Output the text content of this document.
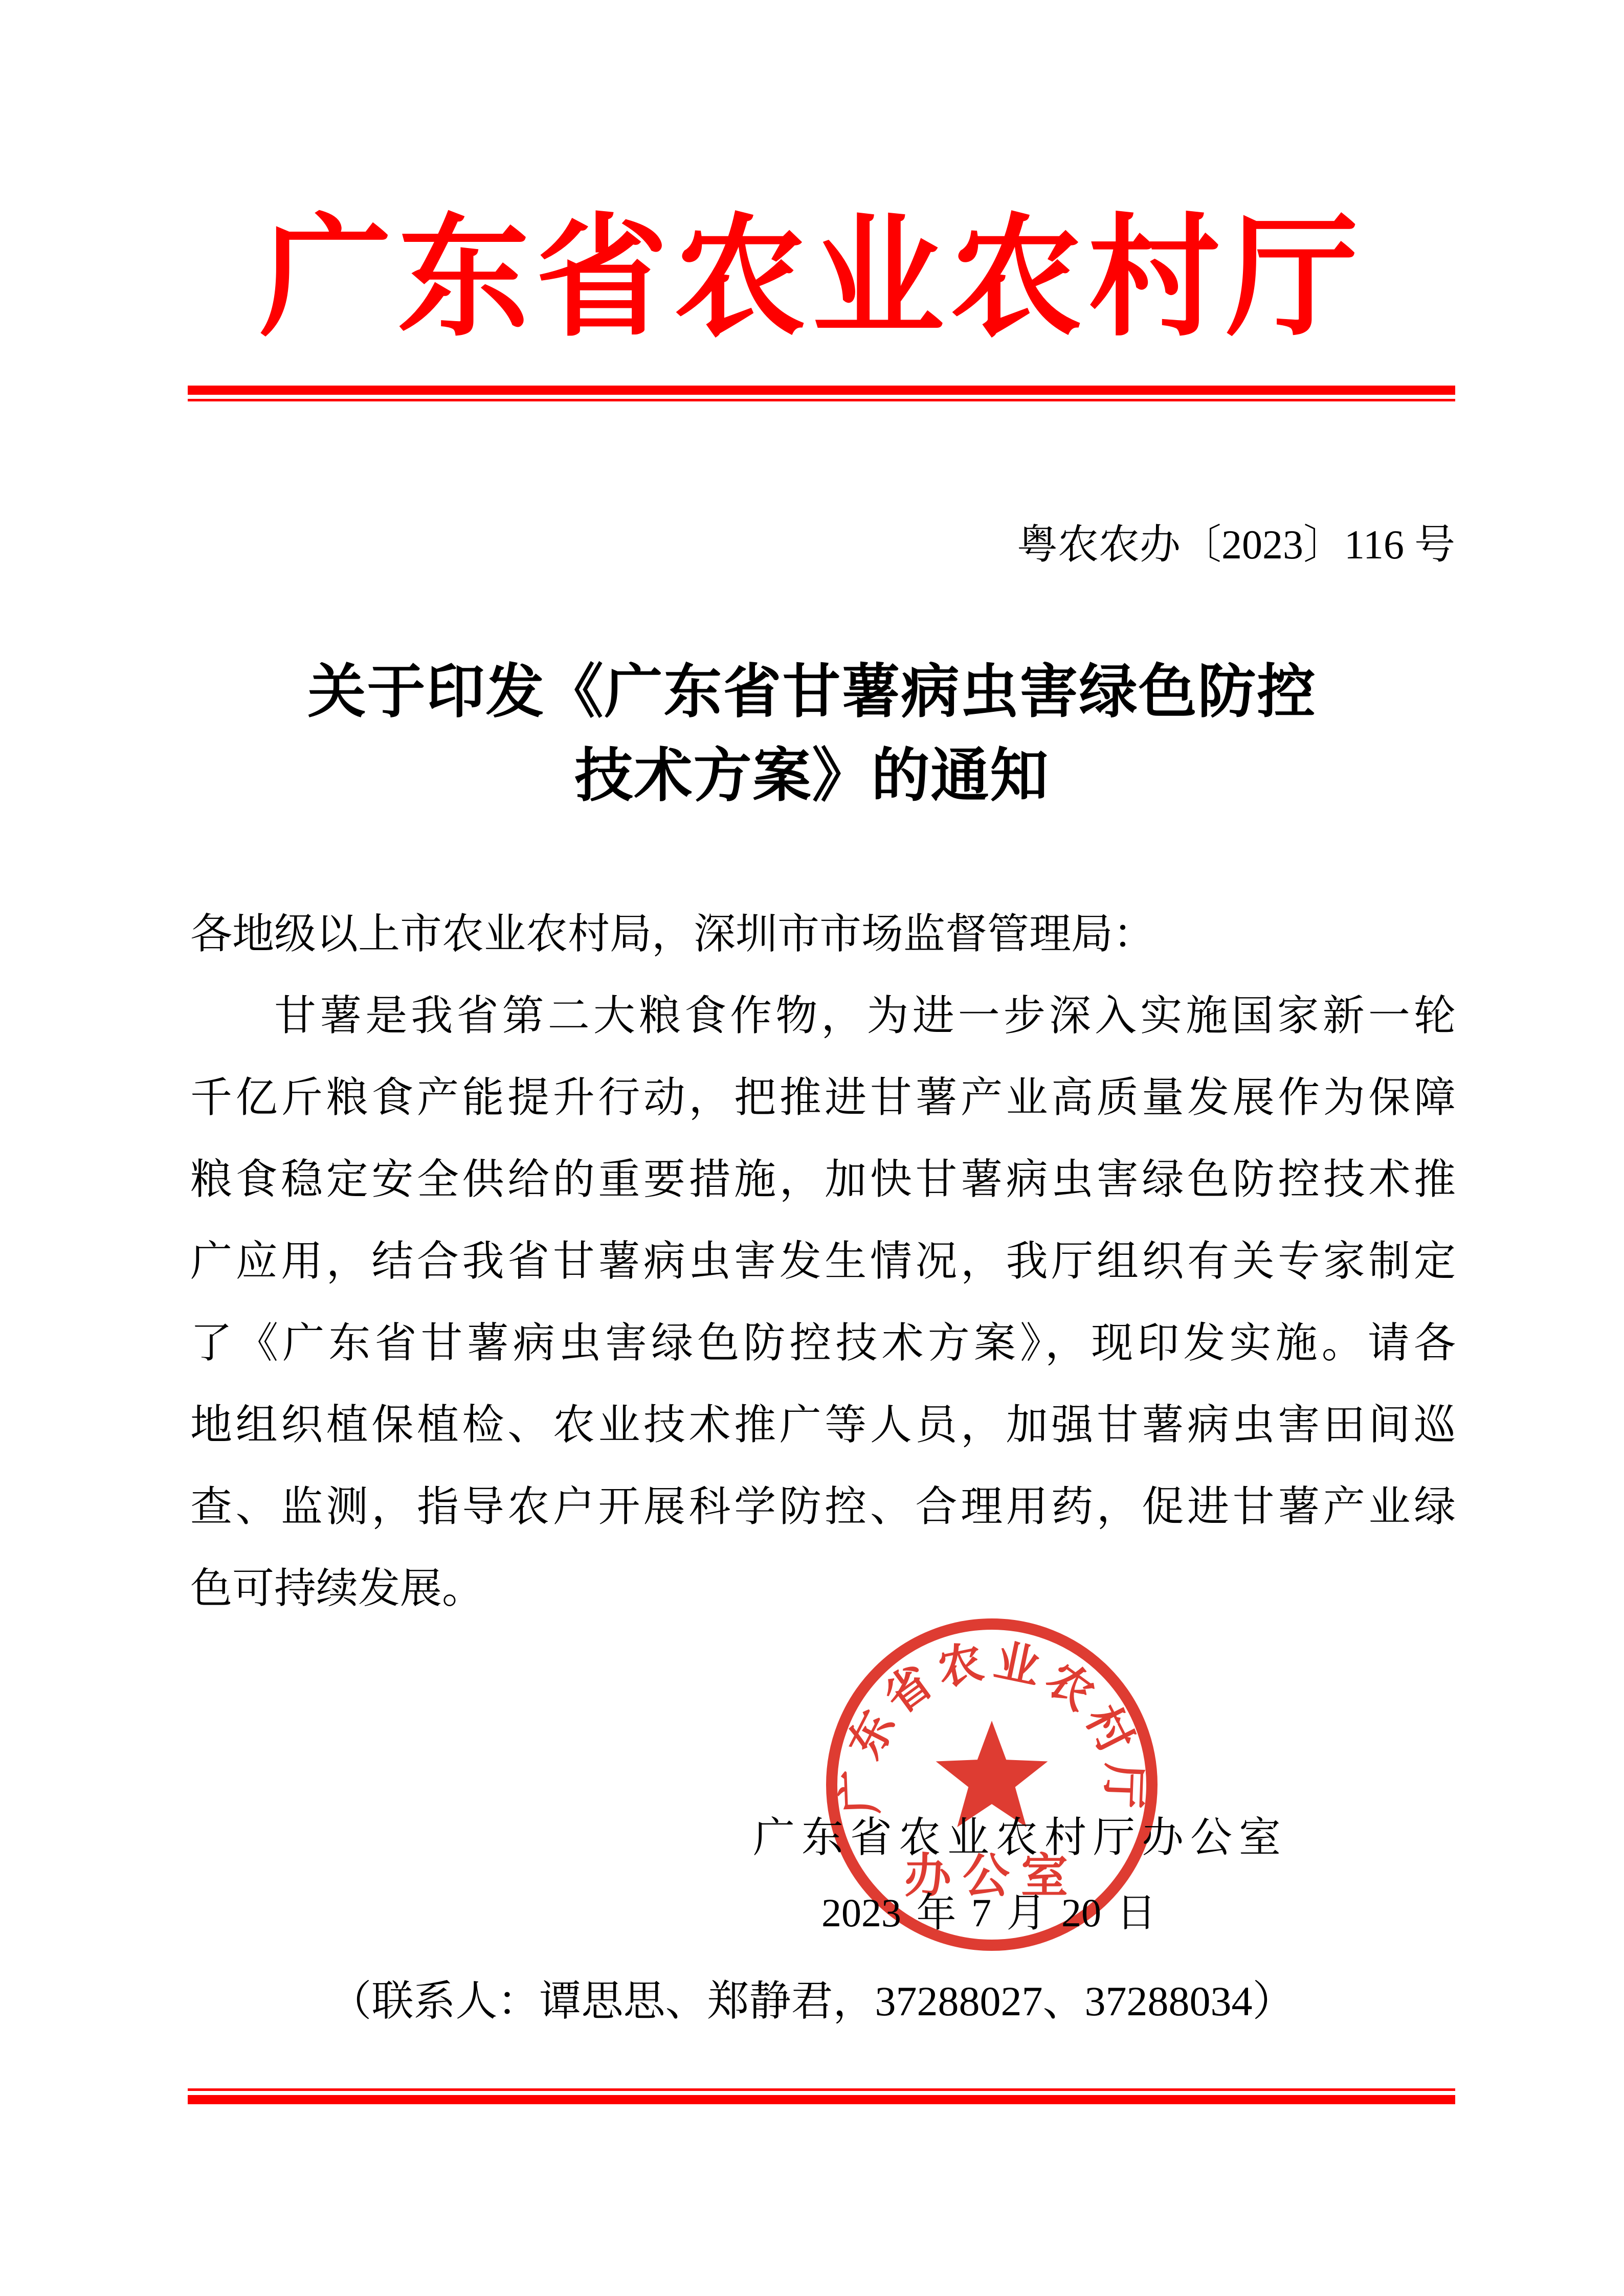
广东省农业农村厅
粤农农办〔2023〕116 号
关于印发《广东省甘薯病虫害绿色防控
技术方案》的通知
各地级以上市农业农村局，深圳市市场监督管理局：
甘薯是我省第二大粮食作物，为进一步深入实施国家新一轮
千亿斤粮食产能提升行动，把推进甘薯产业高质量发展作为保障
粮食稳定安全供给的重要措施，加快甘薯病虫害绿色防控技术推
广应用，结合我省甘薯病虫害发生情况，我厅组织有关专家制定
了《广东省甘薯病虫害绿色防控技术方案》，现印发实施。请各
地组织植保植检、农业技术推广等人员，加强甘薯病虫害田间巡
查、监测，指导农户开展科学防控、合理用药，促进甘薯产业绿
色可持续发展。
广东省农业农村厅办公室
2023 年 7 月 20 日
（联系人：谭思思、郑静君，37288027、37288034）
广东省农业农村厅
办公室
